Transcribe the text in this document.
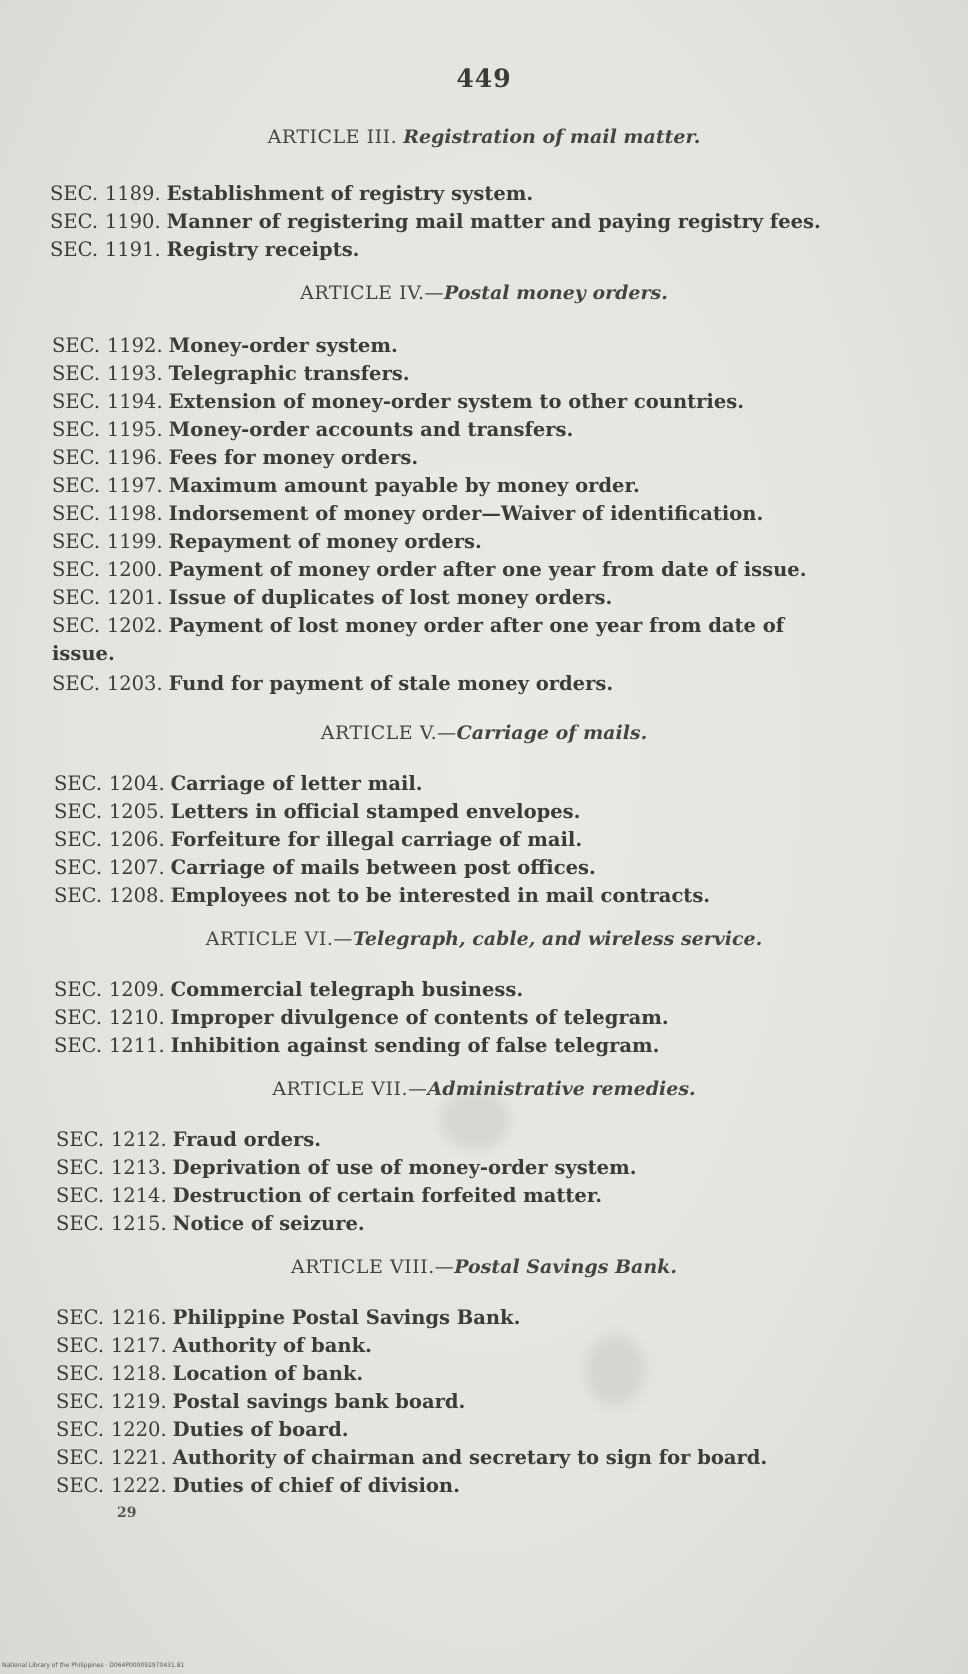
449
ARTICLE III. Registration of mail matter.
SEC. 1189. Establishment of registry system.
SEC. 1190. Manner of registering mail matter and paying registry fees.
SEC. 1191. Registry receipts.
ARTICLE IV.—Postal money orders.
SEC. 1192. Money-order system.
SEC. 1193. Telegraphic transfers.
SEC. 1194. Extension of money-order system to other countries.
SEC. 1195. Money-order accounts and transfers.
SEC. 1196. Fees for money orders.
SEC. 1197. Maximum amount payable by money order.
SEC. 1198. Indorsement of money order—Waiver of identification.
SEC. 1199. Repayment of money orders.
SEC. 1200. Payment of money order after one year from date of issue.
SEC. 1201. Issue of duplicates of lost money orders.
SEC. 1202. Payment of lost money order after one year from date of issue.
SEC. 1203. Fund for payment of stale money orders.
ARTICLE V.—Carriage of mails.
SEC. 1204. Carriage of letter mail.
SEC. 1205. Letters in official stamped envelopes.
SEC. 1206. Forfeiture for illegal carriage of mail.
SEC. 1207. Carriage of mails between post offices.
SEC. 1208. Employees not to be interested in mail contracts.
ARTICLE VI.—Telegraph, cable, and wireless service.
SEC. 1209. Commercial telegraph business.
SEC. 1210. Improper divulgence of contents of telegram.
SEC. 1211. Inhibition against sending of false telegram.
ARTICLE VII.—Administrative remedies.
SEC. 1212. Fraud orders.
SEC. 1213. Deprivation of use of money-order system.
SEC. 1214. Destruction of certain forfeited matter.
SEC. 1215. Notice of seizure.
ARTICLE VIII.—Postal Savings Bank.
SEC. 1216. Philippine Postal Savings Bank.
SEC. 1217. Authority of bank.
SEC. 1218. Location of bank.
SEC. 1219. Postal savings bank board.
SEC. 1220. Duties of board.
SEC. 1221. Authority of chairman and secretary to sign for board.
SEC. 1222. Duties of chief of division.
29
National Library of the Philippines · D064P000092970431.81
